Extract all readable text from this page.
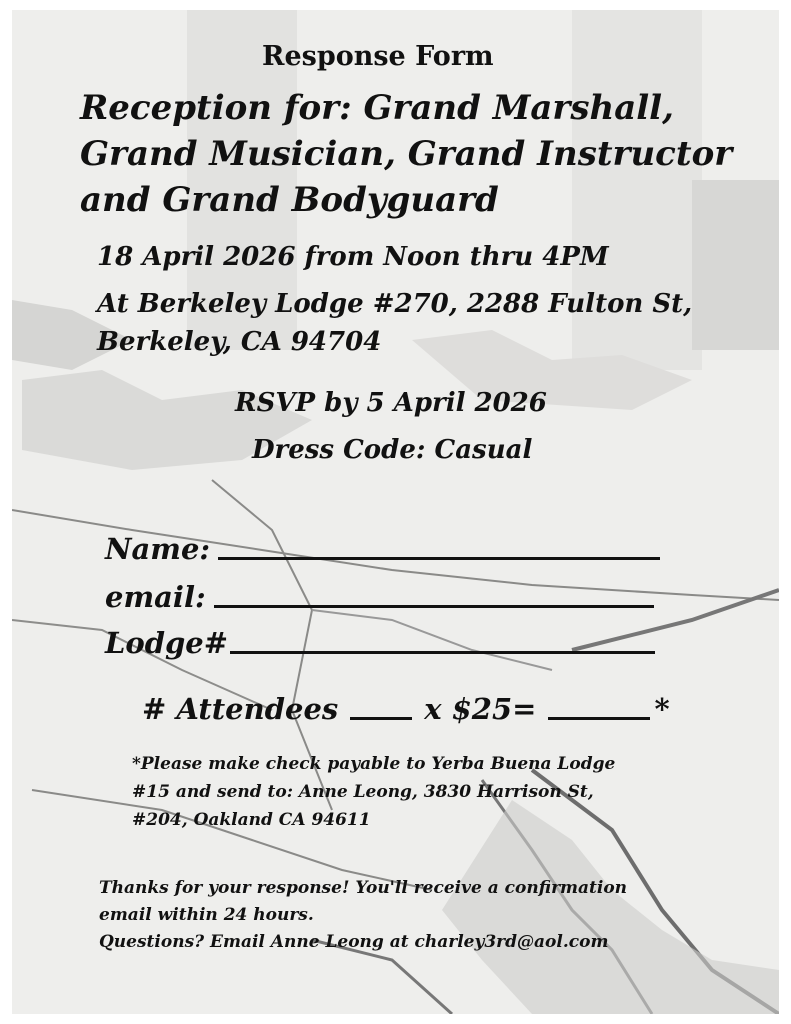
Response Form
Reception for: Grand Marshall,
Grand Musician, Grand Instructor
and Grand Bodyguard
18 April 2026 from Noon thru 4PM
At Berkeley Lodge #270, 2288 Fulton St,
Berkeley, CA 94704
RSVP by 5 April 2026
Dress Code: Casual
Name:
email:
Lodge#
# Attendees	x $25=	*
*Please make check payable to Yerba Buena Lodge
#15 and send to: Anne Leong, 3830 Harrison St,
#204, Oakland CA 94611
Thanks for your response! You'll receive a confirmation
email within 24 hours.
Questions? Email Anne Leong at charley3rd@aol.com
